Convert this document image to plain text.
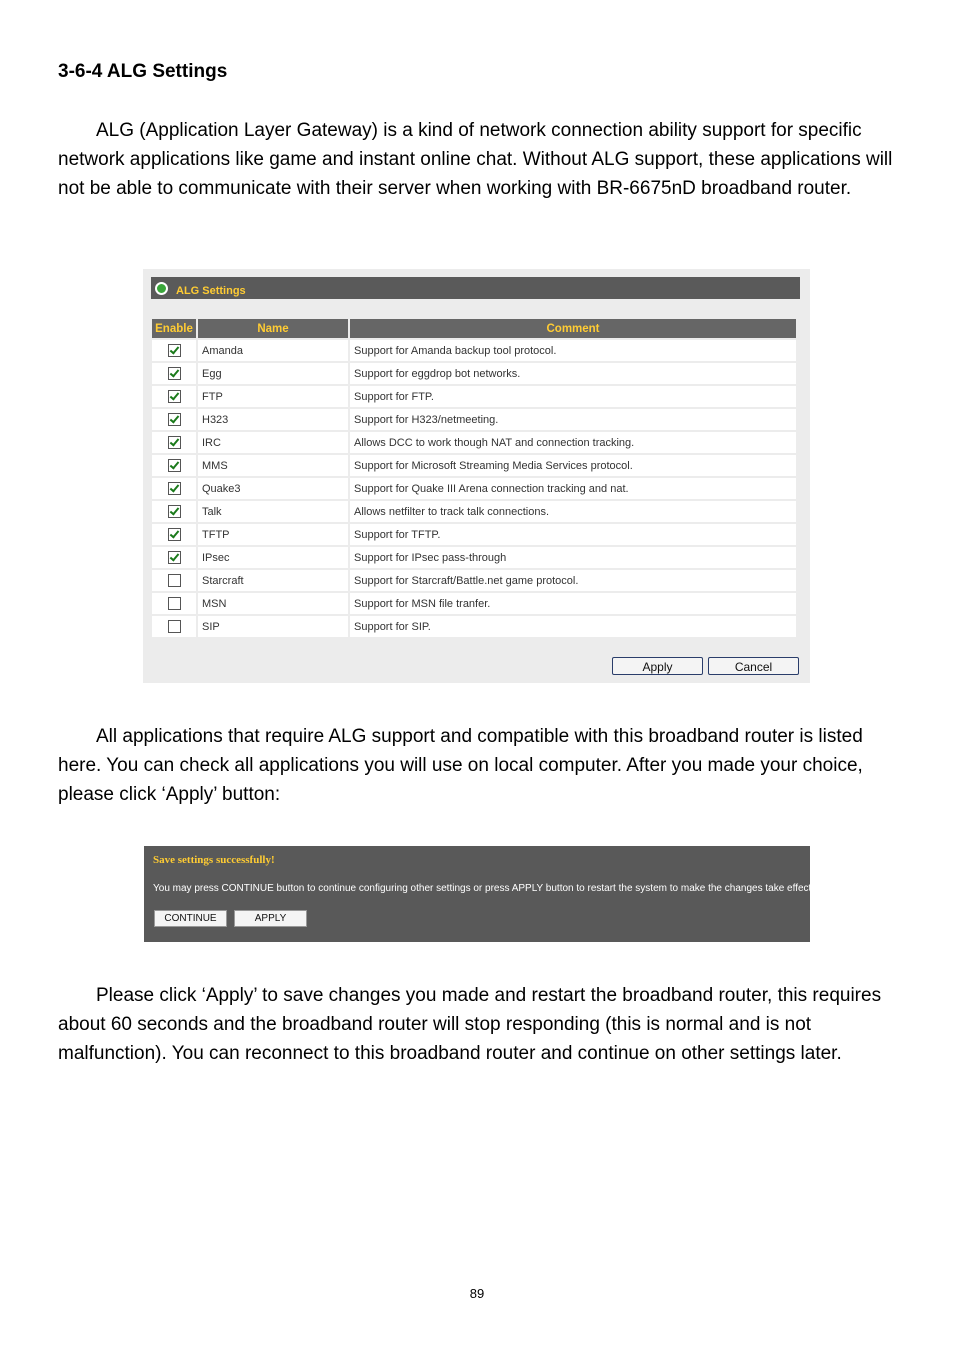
3-6-4 ALG Settings

ALG (Application Layer Gateway) is a kind of network connection ability support for specific network applications like game and instant online chat. Without ALG support, these applications will not be able to communicate with their server when working with BR-6675nD broadband router.

ALG Settings
Enable	Name	Comment
	Amanda	Support for Amanda backup tool protocol.
	Egg	Support for eggdrop bot networks.
	FTP	Support for FTP.
	H323	Support for H323/netmeeting.
	IRC	Allows DCC to work though NAT and connection tracking.
	MMS	Support for Microsoft Streaming Media Services protocol.
	Quake3	Support for Quake III Arena connection tracking and nat.
	Talk	Allows netfilter to track talk connections.
	TFTP	Support for TFTP.
	IPsec	Support for IPsec pass-through
	Starcraft	Support for Starcraft/Battle.net game protocol.
	MSN	Support for MSN file tranfer.
	SIP	Support for SIP.
Apply	Cancel

All applications that require ALG support and compatible with this broadband router is listed here. You can check all applications you will use on local computer. After you made your choice, please click ‘Apply’ button:

Save settings successfully!
You may press CONTINUE button to continue configuring other settings or press APPLY button to restart the system to make the changes take effect.
CONTINUE	APPLY

Please click ‘Apply’ to save changes you made and restart the broadband router, this requires about 60 seconds and the broadband router will stop responding (this is normal and is not malfunction). You can reconnect to this broadband router and continue on other settings later.

89
